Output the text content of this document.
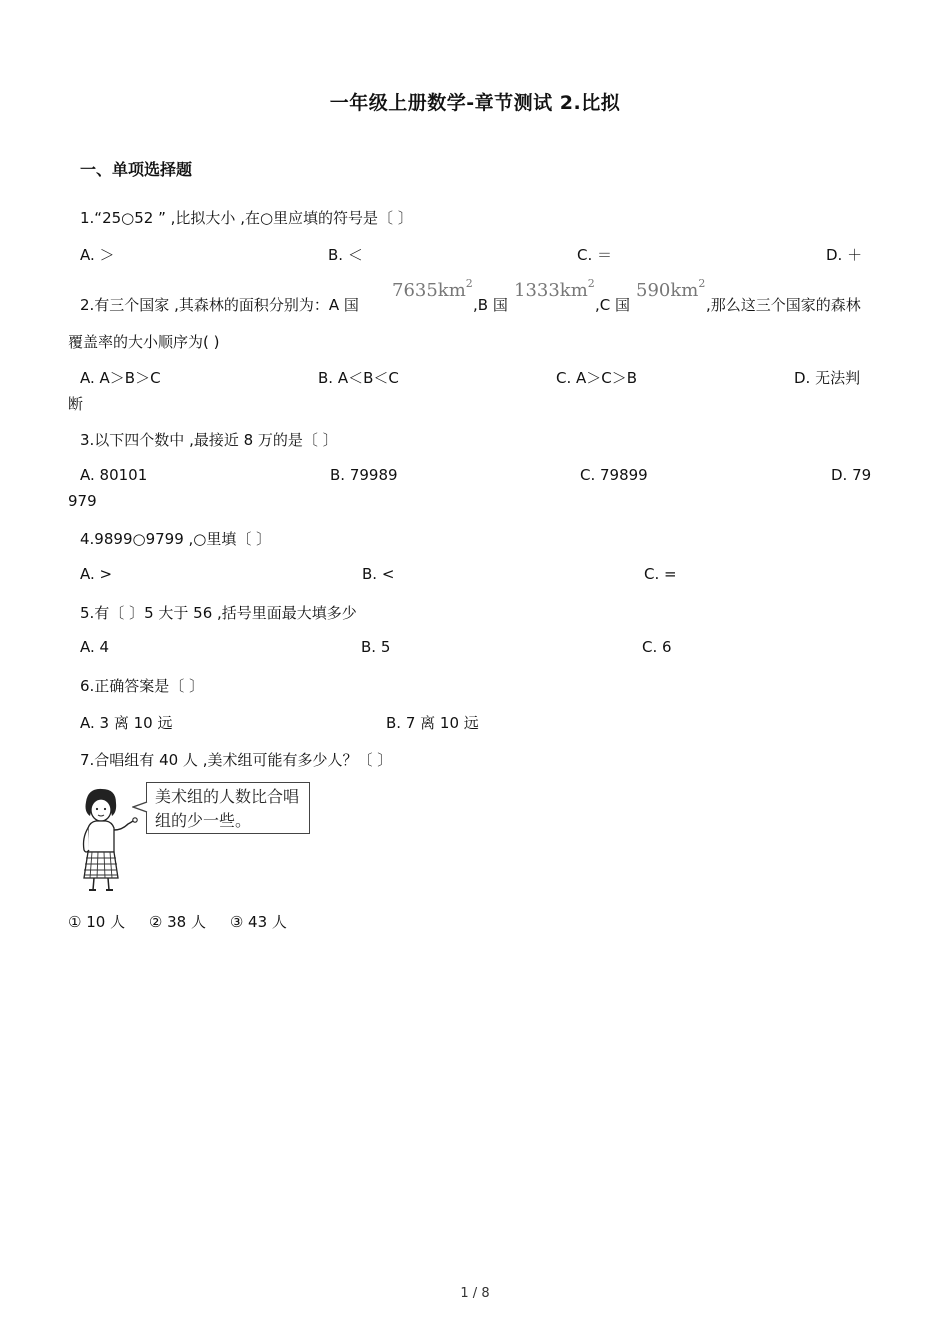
一年级上册数学-章节测试 2.比拟
一、单项选择题
1.“25○52 ” ,比拟大小 ,在○里应填的符号是〔 〕
A. ＞	B. ＜	C. ＝	D. ＋
2.有三个国家 ,其森林的面积分别为：A 国
$7635km^2$
,B 国
$1333km^2$
,C 国
$590km^2$
,那么这三个国家的森林
覆盖率的大小顺序为( )
A. A＞B＞C	B. A＜B＜C	C. A＞C＞B	D. 无法判
断
3.以下四个数中 ,最接近 8 万的是〔 〕
A. 80101	B. 79989	C. 79899	D. 79
979
4.9899○9799 ,○里填〔 〕
A. >	B. <	C. =
5.有〔 〕5 大于 56 ,括号里面最大填多少
A. 4	B. 5	C. 6
6.正确答案是〔 〕
A. 3 离 10 远	B. 7 离 10 远
7.合唱组有 40 人 ,美术组可能有多少人？〔 〕
美术组的人数比合唱组的少一些。
① 10 人     ② 38 人     ③ 43 人
1 / 8
